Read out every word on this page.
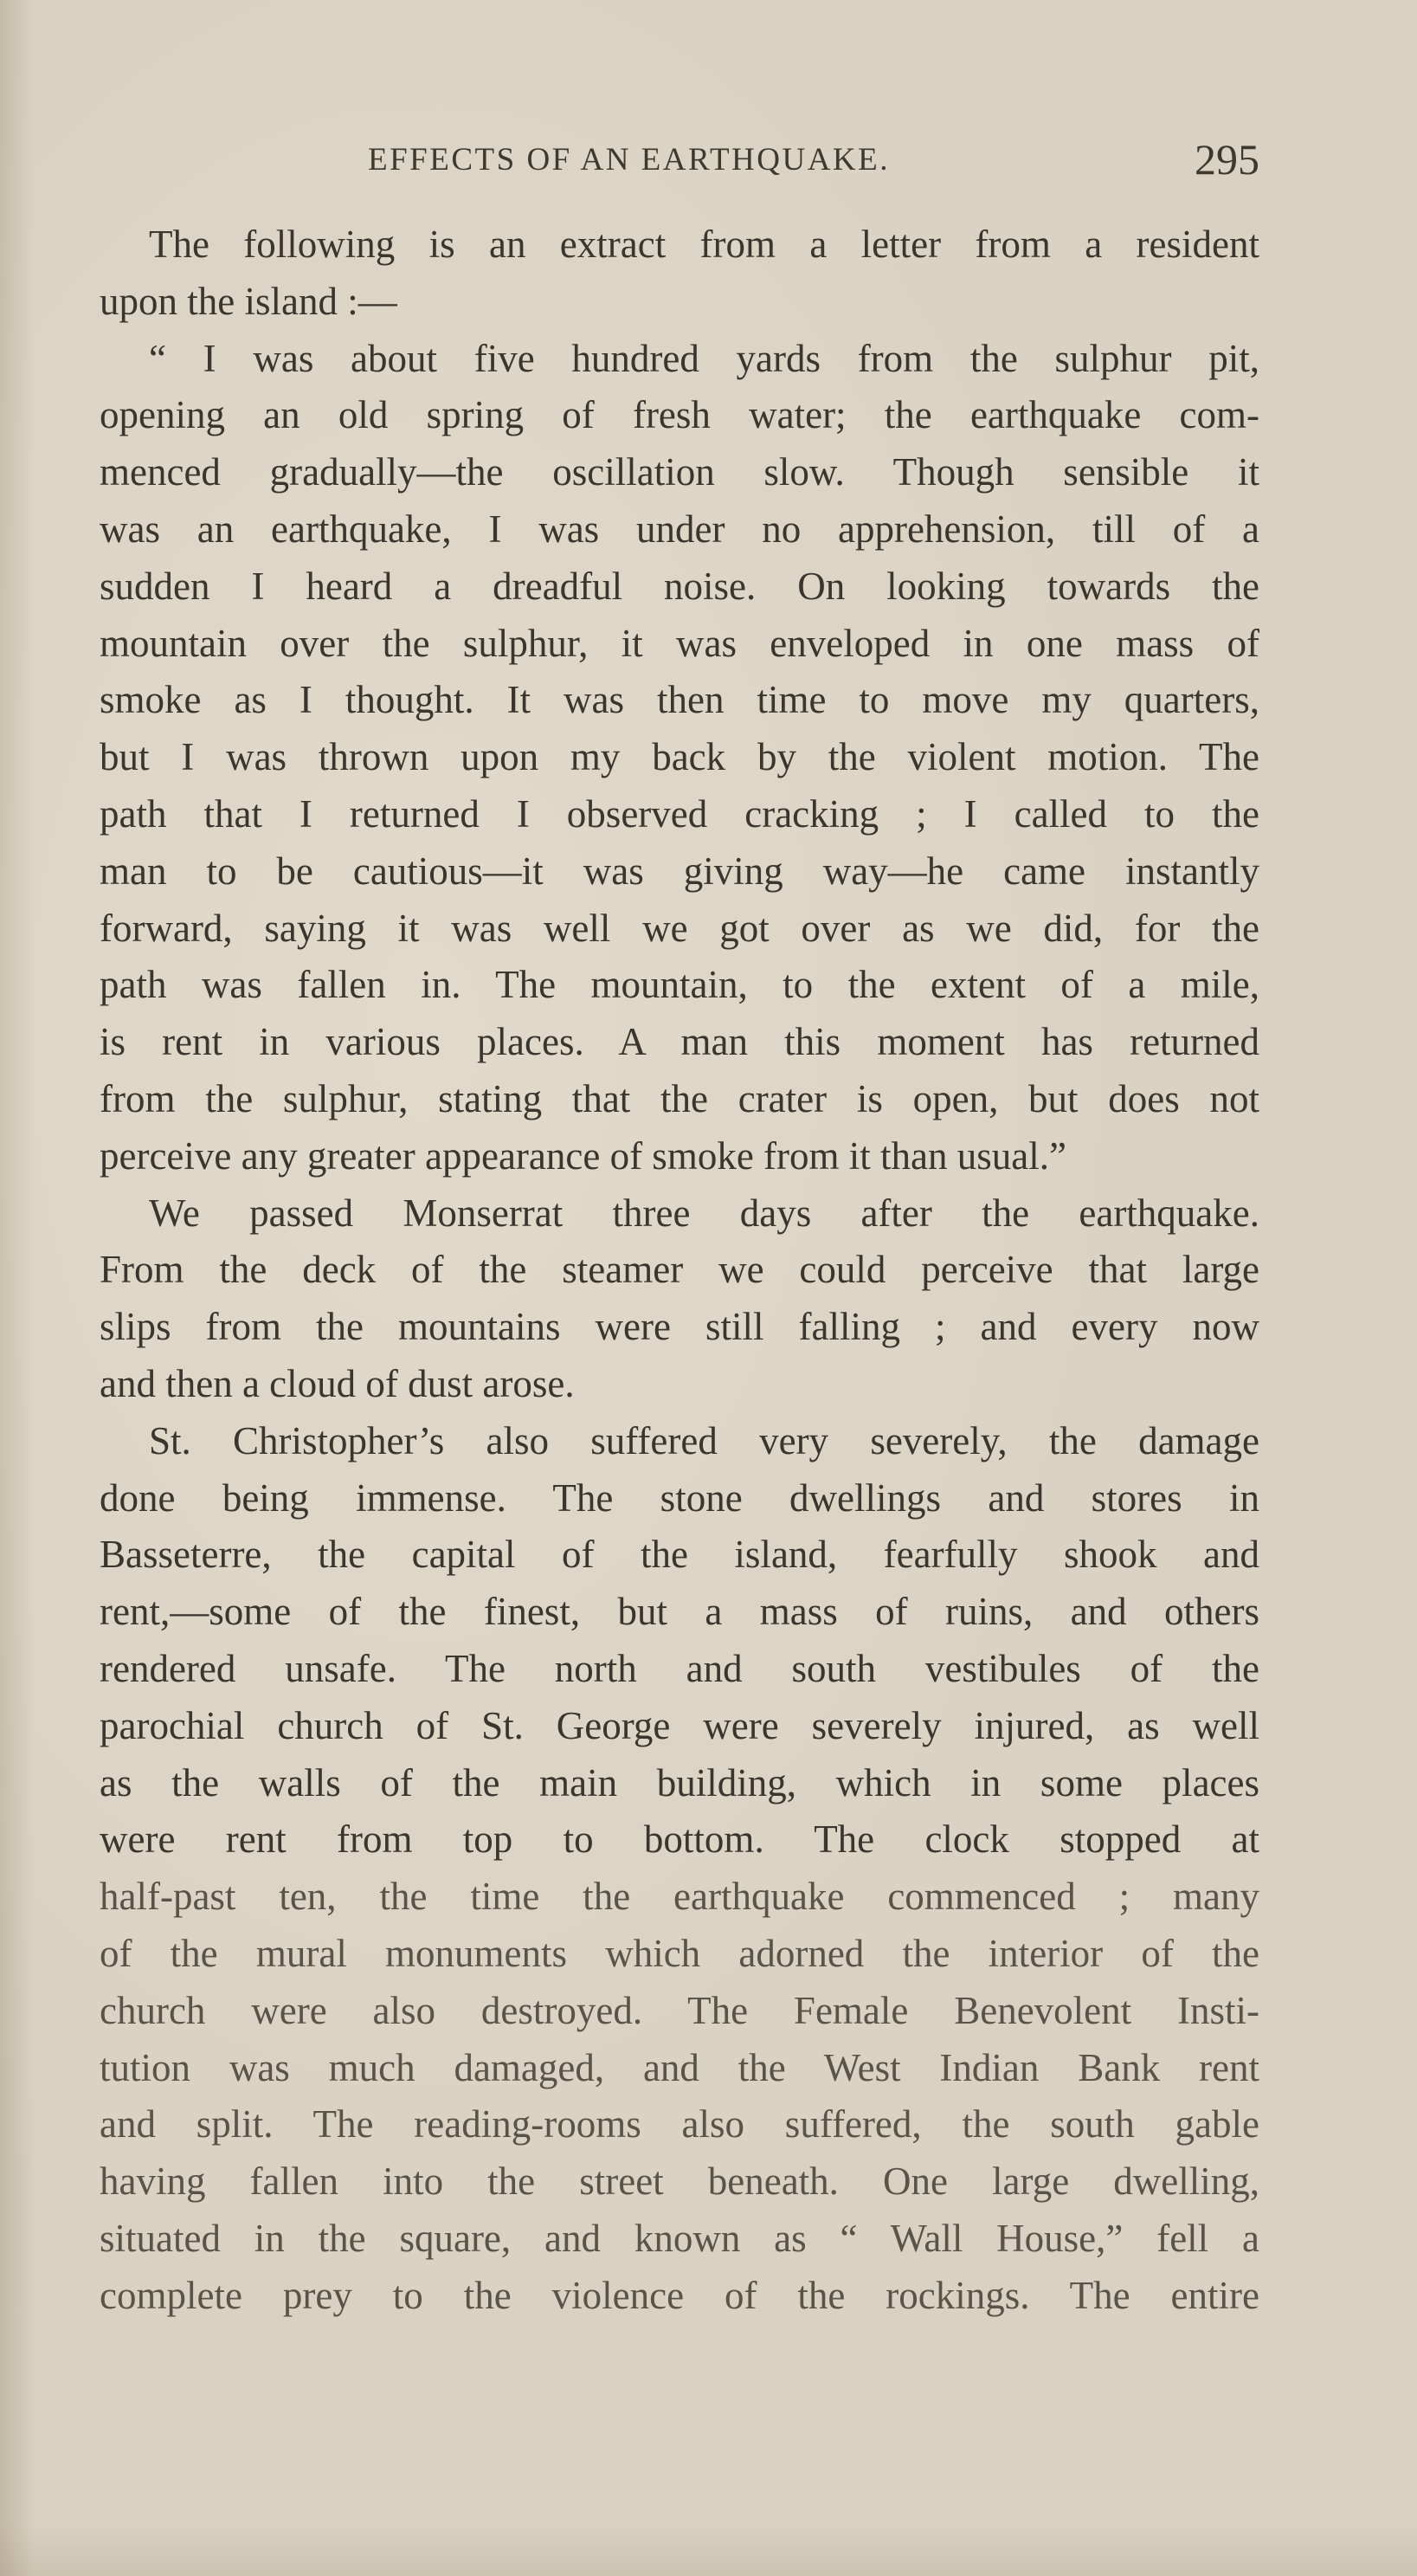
EFFECTS OF AN EARTHQUAKE.	295
The following is an extract from a letter from a resident
upon the island :—
“ I was about five hundred yards from the sulphur pit,
opening an old spring of fresh water; the earthquake com-
menced gradually—the oscillation slow. Though sensible it
was an earthquake, I was under no apprehension, till of a
sudden I heard a dreadful noise. On looking towards the
mountain over the sulphur, it was enveloped in one mass of
smoke as I thought. It was then time to move my quarters,
but I was thrown upon my back by the violent motion. The
path that I returned I observed cracking ; I called to the
man to be cautious—it was giving way—he came instantly
forward, saying it was well we got over as we did, for the
path was fallen in. The mountain, to the extent of a mile,
is rent in various places. A man this moment has returned
from the sulphur, stating that the crater is open, but does not
perceive any greater appearance of smoke from it than usual.”
We passed Monserrat three days after the earthquake.
From the deck of the steamer we could perceive that large
slips from the mountains were still falling ; and every now
and then a cloud of dust arose.
St. Christopher’s also suffered very severely, the damage
done being immense. The stone dwellings and stores in
Basseterre, the capital of the island, fearfully shook and
rent,—some of the finest, but a mass of ruins, and others
rendered unsafe. The north and south vestibules of the
parochial church of St. George were severely injured, as well
as the walls of the main building, which in some places
were rent from top to bottom. The clock stopped at
half-past ten, the time the earthquake commenced ; many
of the mural monuments which adorned the interior of the
church were also destroyed. The Female Benevolent Insti-
tution was much damaged, and the West Indian Bank rent
and split. The reading-rooms also suffered, the south gable
having fallen into the street beneath. One large dwelling,
situated in the square, and known as “ Wall House,” fell a
complete prey to the violence of the rockings. The entire
